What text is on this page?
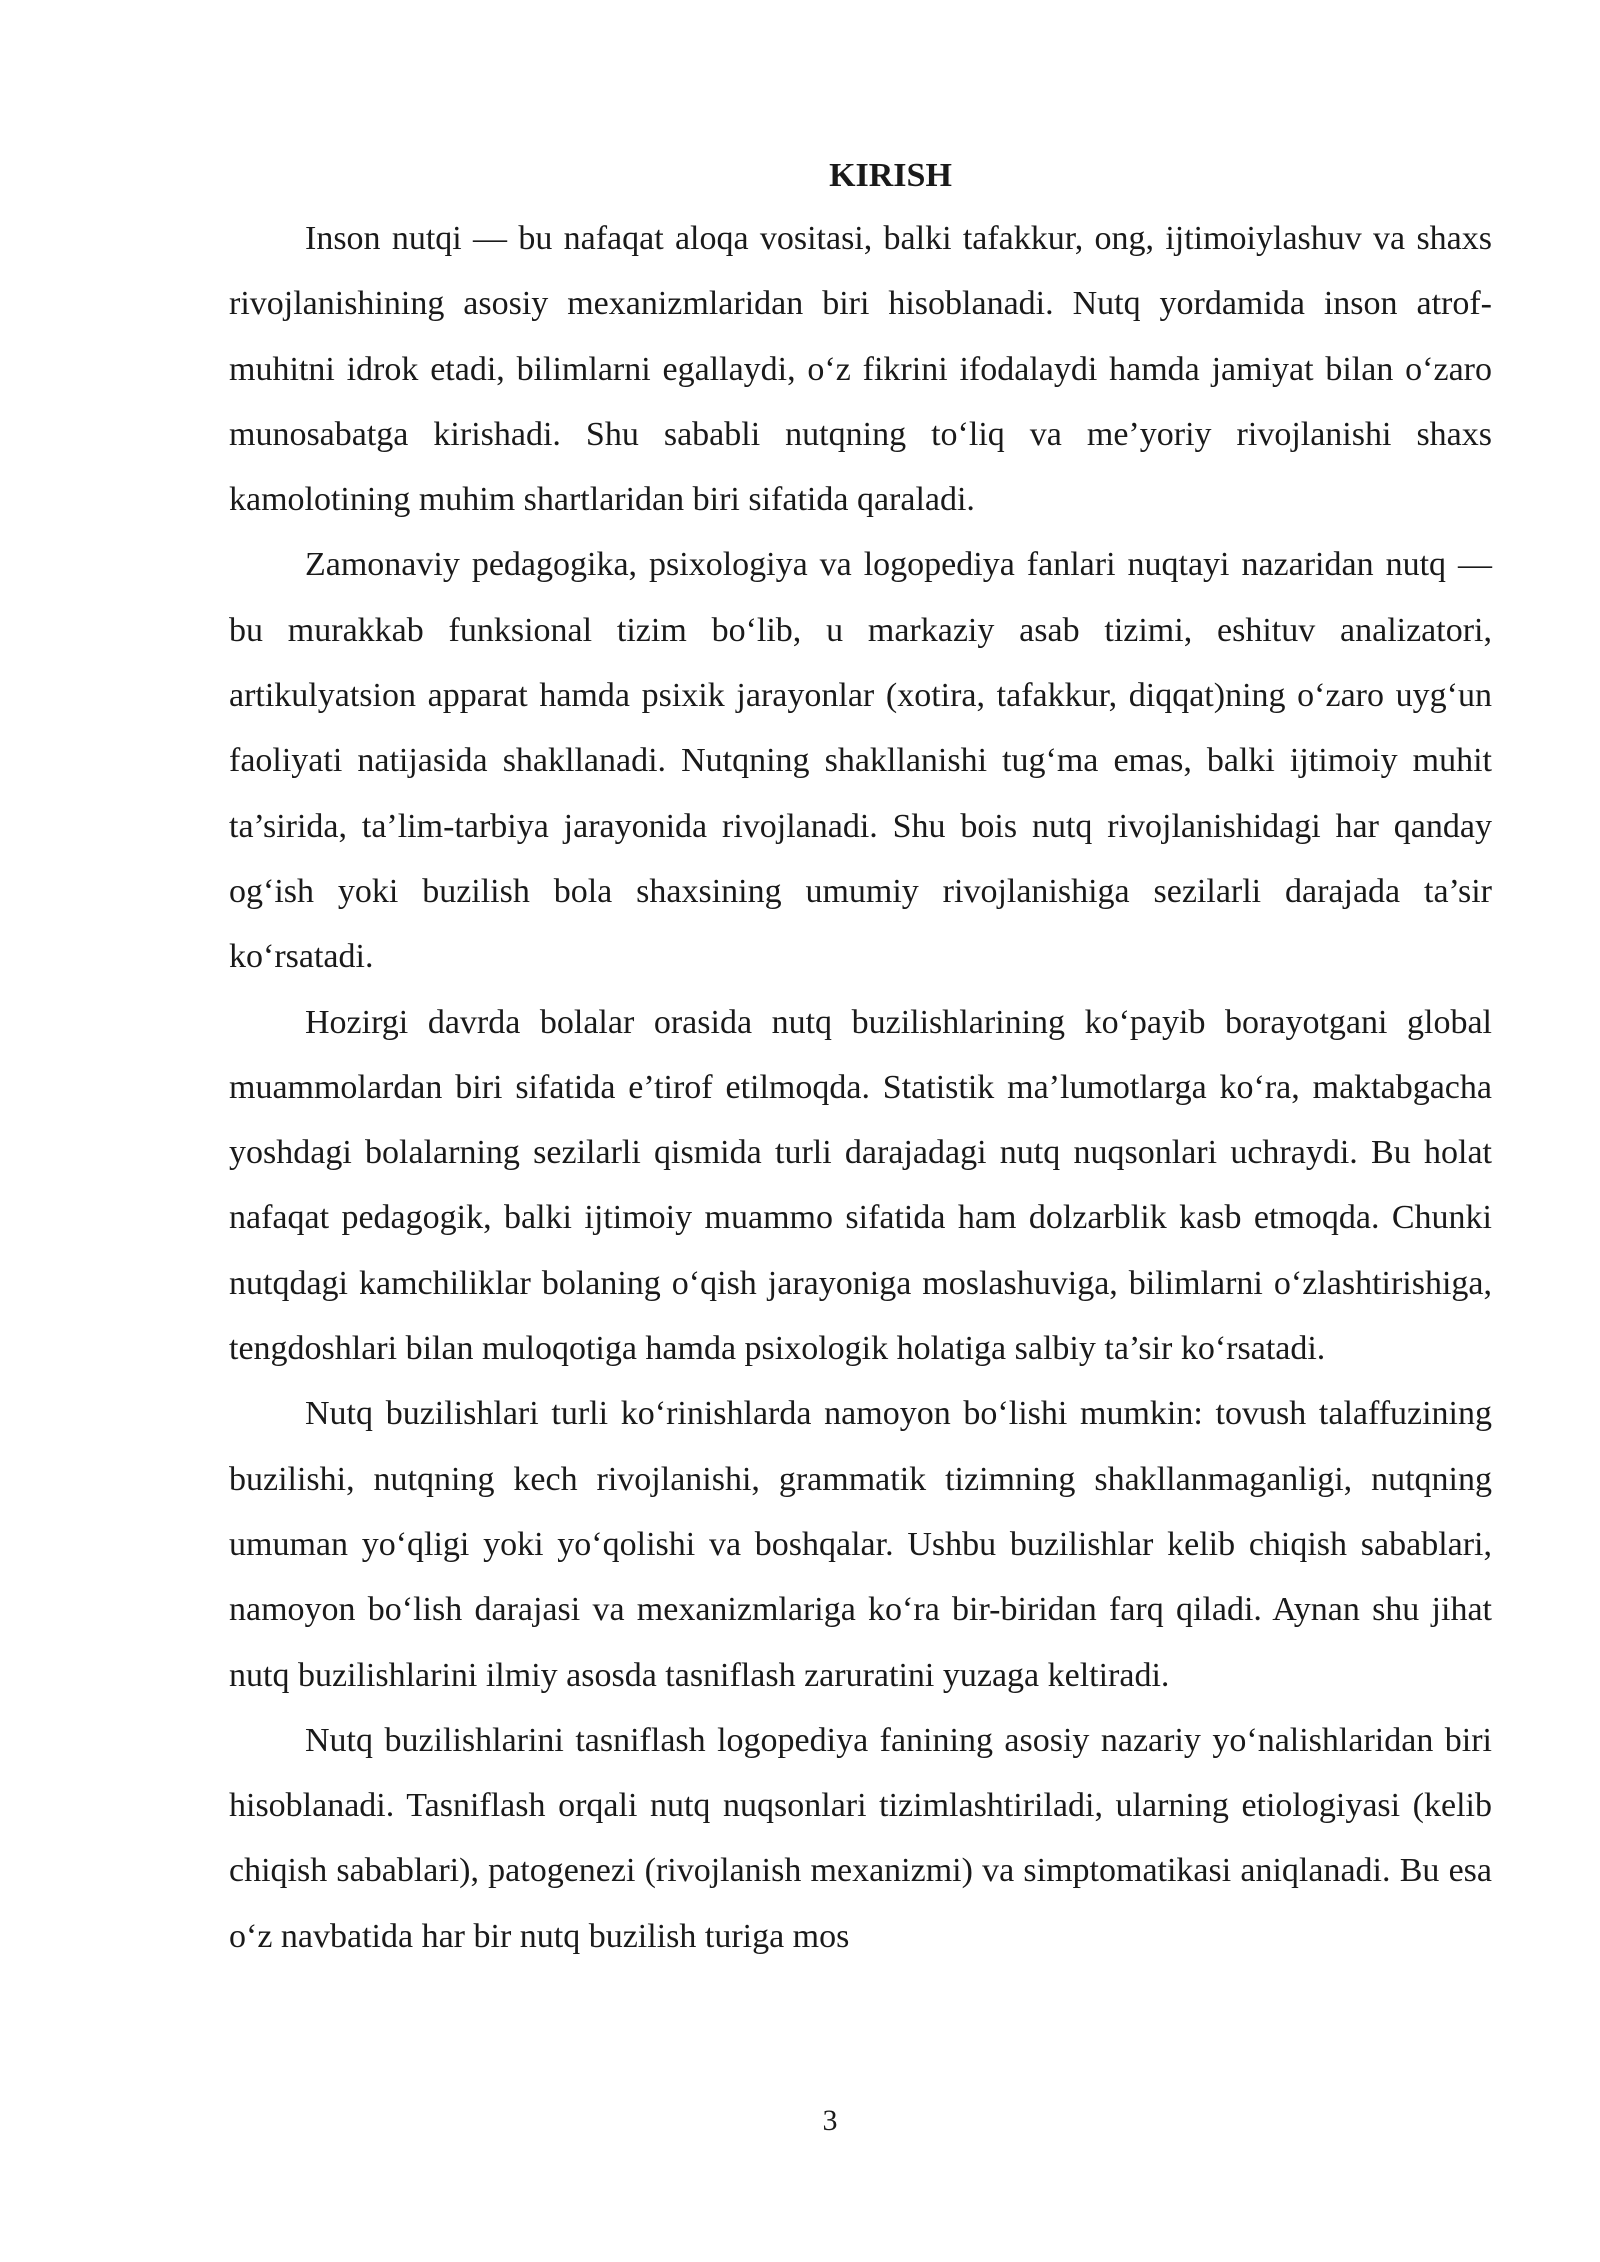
KIRISH

Inson nutqi — bu nafaqat aloqa vositasi, balki tafakkur, ong, ijtimoiylashuv va shaxs rivojlanishining asosiy mexanizmlaridan biri hisoblanadi. Nutq yordamida inson atrof-muhitni idrok etadi, bilimlarni egallaydi, o‘z fikrini ifodalaydi hamda jamiyat bilan o‘zaro munosabatga kirishadi. Shu sababli nutqning to‘liq va me’yoriy rivojlanishi shaxs kamolotining muhim shartlaridan biri sifatida qaraladi.

Zamonaviy pedagogika, psixologiya va logopediya fanlari nuqtayi nazaridan nutq — bu murakkab funksional tizim bo‘lib, u markaziy asab tizimi, eshituv analizatori, artikulyatsion apparat hamda psixik jarayonlar (xotira, tafakkur, diqqat)ning o‘zaro uyg‘un faoliyati natijasida shakllanadi. Nutqning shakllanishi tug‘ma emas, balki ijtimoiy muhit ta’sirida, ta’lim-tarbiya jarayonida rivojlanadi. Shu bois nutq rivojlanishidagi har qanday og‘ish yoki buzilish bola shaxsining umumiy rivojlanishiga sezilarli darajada ta’sir ko‘rsatadi.

Hozirgi davrda bolalar orasida nutq buzilishlarining ko‘payib borayotgani global muammolardan biri sifatida e’tirof etilmoqda. Statistik ma’lumotlarga ko‘ra, maktabgacha yoshdagi bolalarning sezilarli qismida turli darajadagi nutq nuqsonlari uchraydi. Bu holat nafaqat pedagogik, balki ijtimoiy muammo sifatida ham dolzarblik kasb etmoqda. Chunki nutqdagi kamchiliklar bolaning o‘qish jarayoniga moslashuviga, bilimlarni o‘zlashtirishiga, tengdoshlari bilan muloqotiga hamda psixologik holatiga salbiy ta’sir ko‘rsatadi.

Nutq buzilishlari turli ko‘rinishlarda namoyon bo‘lishi mumkin: tovush talaffuzining buzilishi, nutqning kech rivojlanishi, grammatik tizimning shakllanmaganligi, nutqning umuman yo‘qligi yoki yo‘qolishi va boshqalar. Ushbu buzilishlar kelib chiqish sabablari, namoyon bo‘lish darajasi va mexanizmlariga ko‘ra bir-biridan farq qiladi. Aynan shu jihat nutq buzilishlarini ilmiy asosda tasniflash zaruratini yuzaga keltiradi.

Nutq buzilishlarini tasniflash logopediya fanining asosiy nazariy yo‘nalishlaridan biri hisoblanadi. Tasniflash orqali nutq nuqsonlari tizimlashtiriladi, ularning etiologiyasi (kelib chiqish sabablari), patogenezi (rivojlanish mexanizmi) va simptomatikasi aniqlanadi. Bu esa o‘z navbatida har bir nutq buzilish turiga mos

3
